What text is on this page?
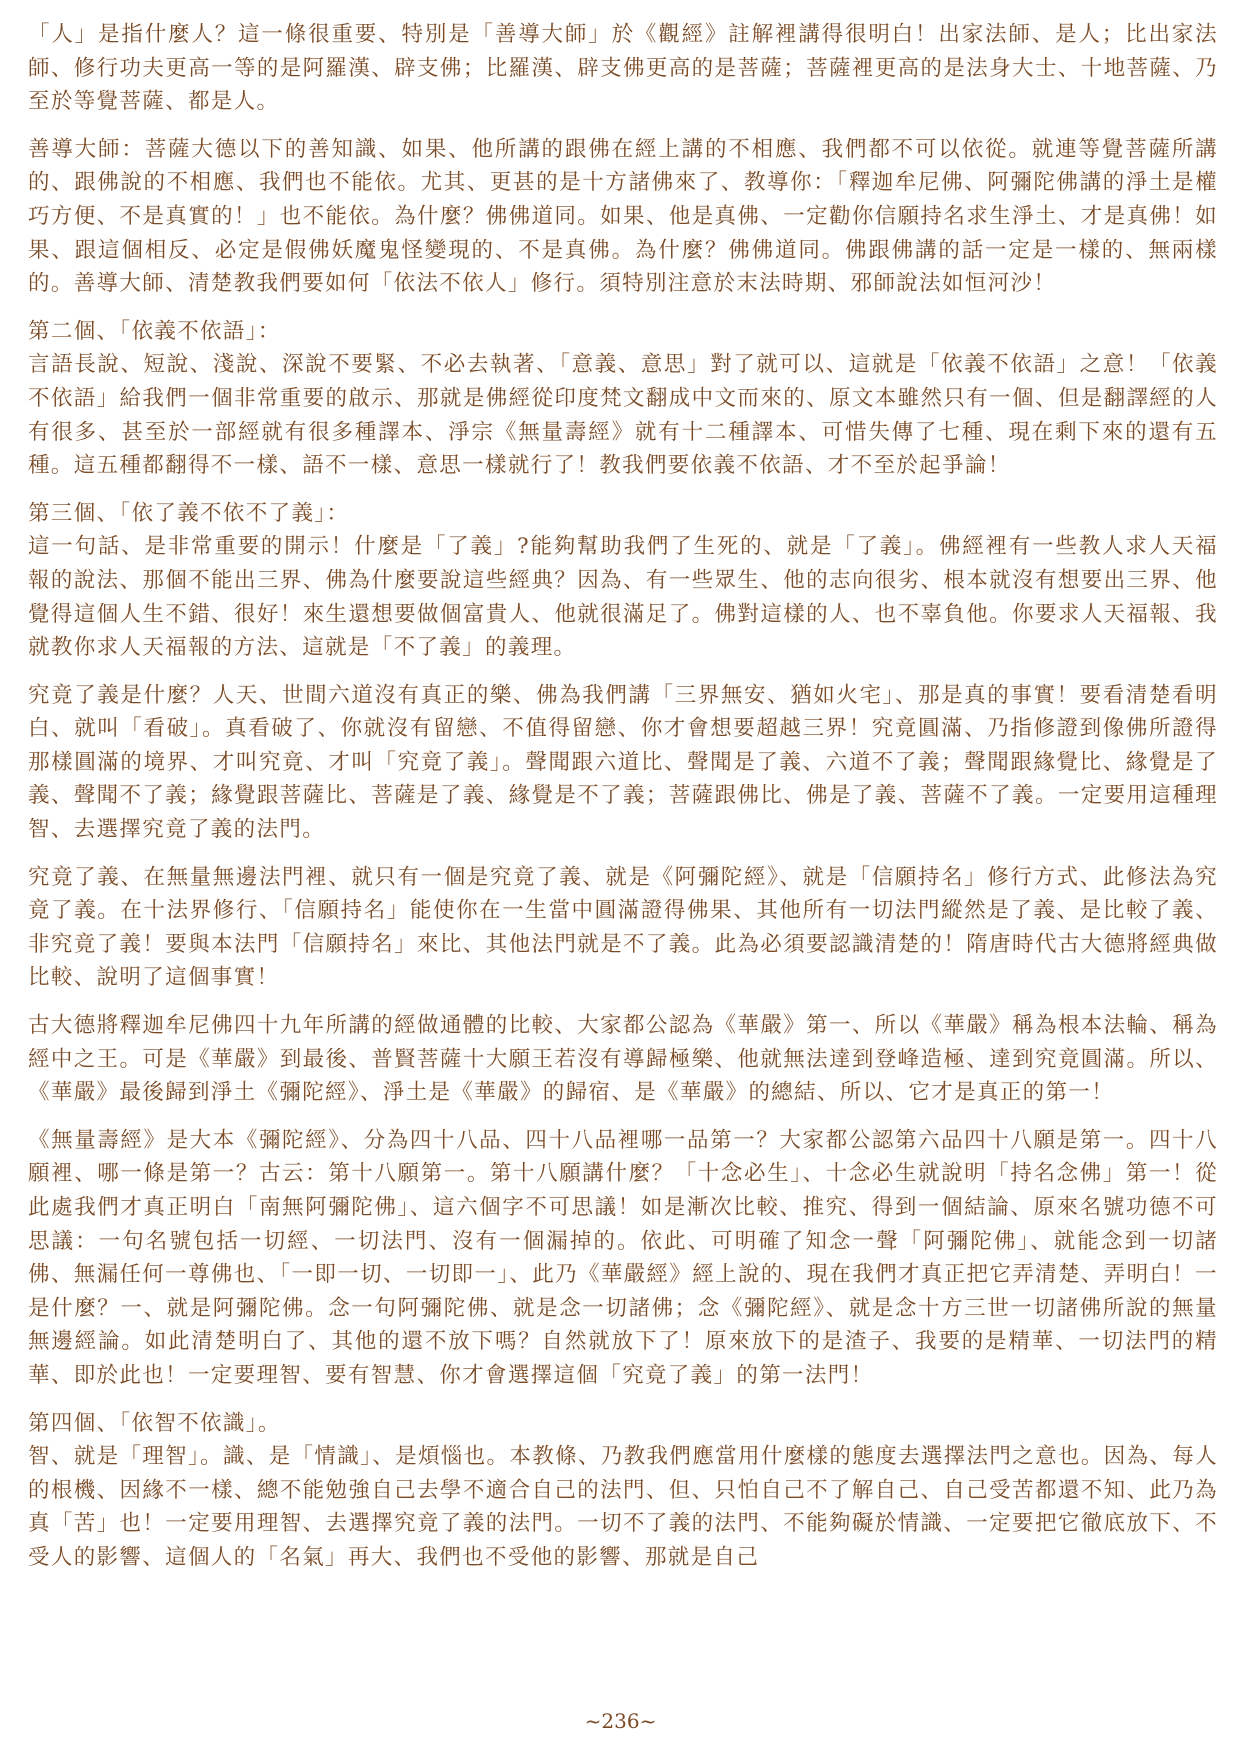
「人」是指什麼人？這一條很重要、特別是「善導大師」於《觀經》註解裡講得很明白！出家法師、是人；比出家法師、修行功夫更高一等的是阿羅漢、辟支佛；比羅漢、辟支佛更高的是菩薩；菩薩裡更高的是法身大士、十地菩薩、乃至於等覺菩薩、都是人。

善導大師：菩薩大德以下的善知識、如果、他所講的跟佛在經上講的不相應、我們都不可以依從。就連等覺菩薩所講的、跟佛說的不相應、我們也不能依。尤其、更甚的是十方諸佛來了、教導你：「釋迦牟尼佛、阿彌陀佛講的淨土是權巧方便、不是真實的！」也不能依。為什麼？佛佛道同。如果、他是真佛、一定勸你信願持名求生淨土、才是真佛！如果、跟這個相反、必定是假佛妖魔鬼怪變現的、不是真佛。為什麼？佛佛道同。佛跟佛講的話一定是一樣的、無兩樣的。善導大師、清楚教我們要如何「依法不依人」修行。須特別注意於末法時期、邪師說法如恒河沙！

第二個、「依義不依語」：

言語長說、短說、淺說、深說不要緊、不必去執著、「意義、意思」對了就可以、這就是「依義不依語」之意！「依義不依語」給我們一個非常重要的啟示、那就是佛經從印度梵文翻成中文而來的、原文本雖然只有一個、但是翻譯經的人有很多、甚至於一部經就有很多種譯本、淨宗《無量壽經》就有十二種譯本、可惜失傳了七種、現在剩下來的還有五種。這五種都翻得不一樣、語不一樣、意思一樣就行了！教我們要依義不依語、才不至於起爭論！

第三個、「依了義不依不了義」：

這一句話、是非常重要的開示！什麼是「了義」?能夠幫助我們了生死的、就是「了義」。佛經裡有一些教人求人天福報的說法、那個不能出三界、佛為什麼要說這些經典？因為、有一些眾生、他的志向很劣、根本就沒有想要出三界、他覺得這個人生不錯、很好！來生還想要做個富貴人、他就很滿足了。佛對這樣的人、也不辜負他。你要求人天福報、我就教你求人天福報的方法、這就是「不了義」的義理。

究竟了義是什麼？人天、世間六道沒有真正的樂、佛為我們講「三界無安、猶如火宅」、那是真的事實！要看清楚看明白、就叫「看破」。真看破了、你就沒有留戀、不值得留戀、你才會想要超越三界！究竟圓滿、乃指修證到像佛所證得那樣圓滿的境界、才叫究竟、才叫「究竟了義」。聲聞跟六道比、聲聞是了義、六道不了義；聲聞跟緣覺比、緣覺是了義、聲聞不了義；緣覺跟菩薩比、菩薩是了義、緣覺是不了義；菩薩跟佛比、佛是了義、菩薩不了義。一定要用這種理智、去選擇究竟了義的法門。

究竟了義、在無量無邊法門裡、就只有一個是究竟了義、就是《阿彌陀經》、就是「信願持名」修行方式、此修法為究竟了義。在十法界修行、「信願持名」能使你在一生當中圓滿證得佛果、其他所有一切法門縱然是了義、是比較了義、非究竟了義！要與本法門「信願持名」來比、其他法門就是不了義。此為必須要認識清楚的！隋唐時代古大德將經典做比較、說明了這個事實！

古大德將釋迦牟尼佛四十九年所講的經做通體的比較、大家都公認為《華嚴》第一、所以《華嚴》稱為根本法輪、稱為經中之王。可是《華嚴》到最後、普賢菩薩十大願王若沒有導歸極樂、他就無法達到登峰造極、達到究竟圓滿。所以、《華嚴》最後歸到淨土《彌陀經》、淨土是《華嚴》的歸宿、是《華嚴》的總結、所以、它才是真正的第一！

《無量壽經》是大本《彌陀經》、分為四十八品、四十八品裡哪一品第一？大家都公認第六品四十八願是第一。四十八願裡、哪一條是第一？古云：第十八願第一。第十八願講什麼？「十念必生」、十念必生就說明「持名念佛」第一！從此處我們才真正明白「南無阿彌陀佛」、這六個字不可思議！如是漸次比較、推究、得到一個結論、原來名號功德不可思議：一句名號包括一切經、一切法門、沒有一個漏掉的。依此、可明確了知念一聲「阿彌陀佛」、就能念到一切諸佛、無漏任何一尊佛也、「一即一切、一切即一」、此乃《華嚴經》經上說的、現在我們才真正把它弄清楚、弄明白！一是什麼？一、就是阿彌陀佛。念一句阿彌陀佛、就是念一切諸佛；念《彌陀經》、就是念十方三世一切諸佛所說的無量無邊經論。如此清楚明白了、其他的還不放下嗎？自然就放下了！原來放下的是渣子、我要的是精華、一切法門的精華、即於此也！一定要理智、要有智慧、你才會選擇這個「究竟了義」的第一法門！

第四個、「依智不依識」。

智、就是「理智」。識、是「情識」、是煩惱也。本教條、乃教我們應當用什麼樣的態度去選擇法門之意也。因為、每人的根機、因緣不一樣、總不能勉強自己去學不適合自己的法門、但、只怕自己不了解自己、自己受苦都還不知、此乃為真「苦」也！一定要用理智、去選擇究竟了義的法門。一切不了義的法門、不能夠礙於情識、一定要把它徹底放下、不受人的影響、這個人的「名氣」再大、我們也不受他的影響、那就是自己

~236~
